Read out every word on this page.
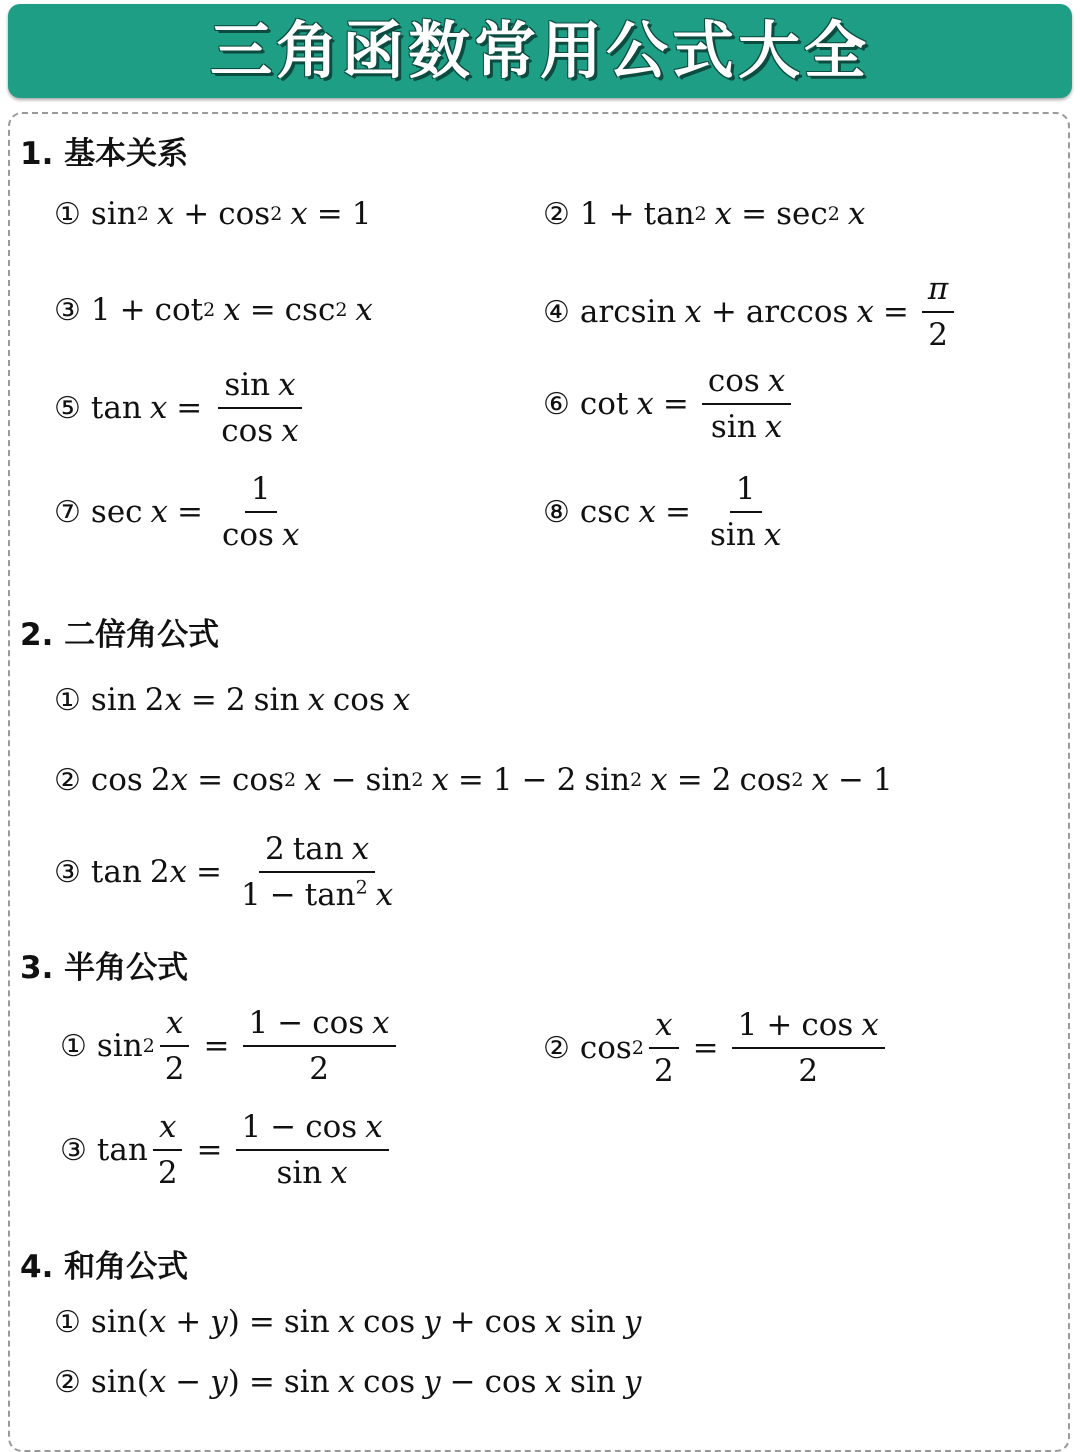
三角函数常用公式大全
1. 基本关系
① sin 2 x + cos 2 x = 1	② 1 + tan 2 x = sec 2 x
③ 1 + cot 2 x = csc 2 x	④ $\arcsin x + \arccos x = \frac{\pi}{2}$
⑤ $\tan x = \frac{\text{sin x}}{\text{cos x}}$	⑥ $\cot x = \frac{\text{cos x}}{\text{sin x}}$
⑦ $\sec x = \frac{1}{\text{cos x}}$	⑧ $\csc x = \frac{1}{\text{sin x}}$
2. 二倍角公式
① sin 2 x = 2 sin x cos x
② cos 2 x = cos 2 x − sin 2 x = 1 − 2 sin 2 x = 2 cos 2 x − 1
③ tan 2 $x = \frac{\text{2 tan x}}{1 - \tan^2 x}$
3. 半角公式
① $\sin 2 \frac{x}{2} = \frac{\text{1 − cos x}}{2}$	② $\cos 2 \frac{x}{2} = \frac{\text{1 + cos x}}{2}$
③ $\tan \frac{x}{2} = \frac{\text{1 − cos x}}{\text{sin x}}$
4. 和角公式
① sin ( x + y ) = sin x cos y + cos x sin y
② sin ( x − y ) = sin x cos y − cos x sin y
